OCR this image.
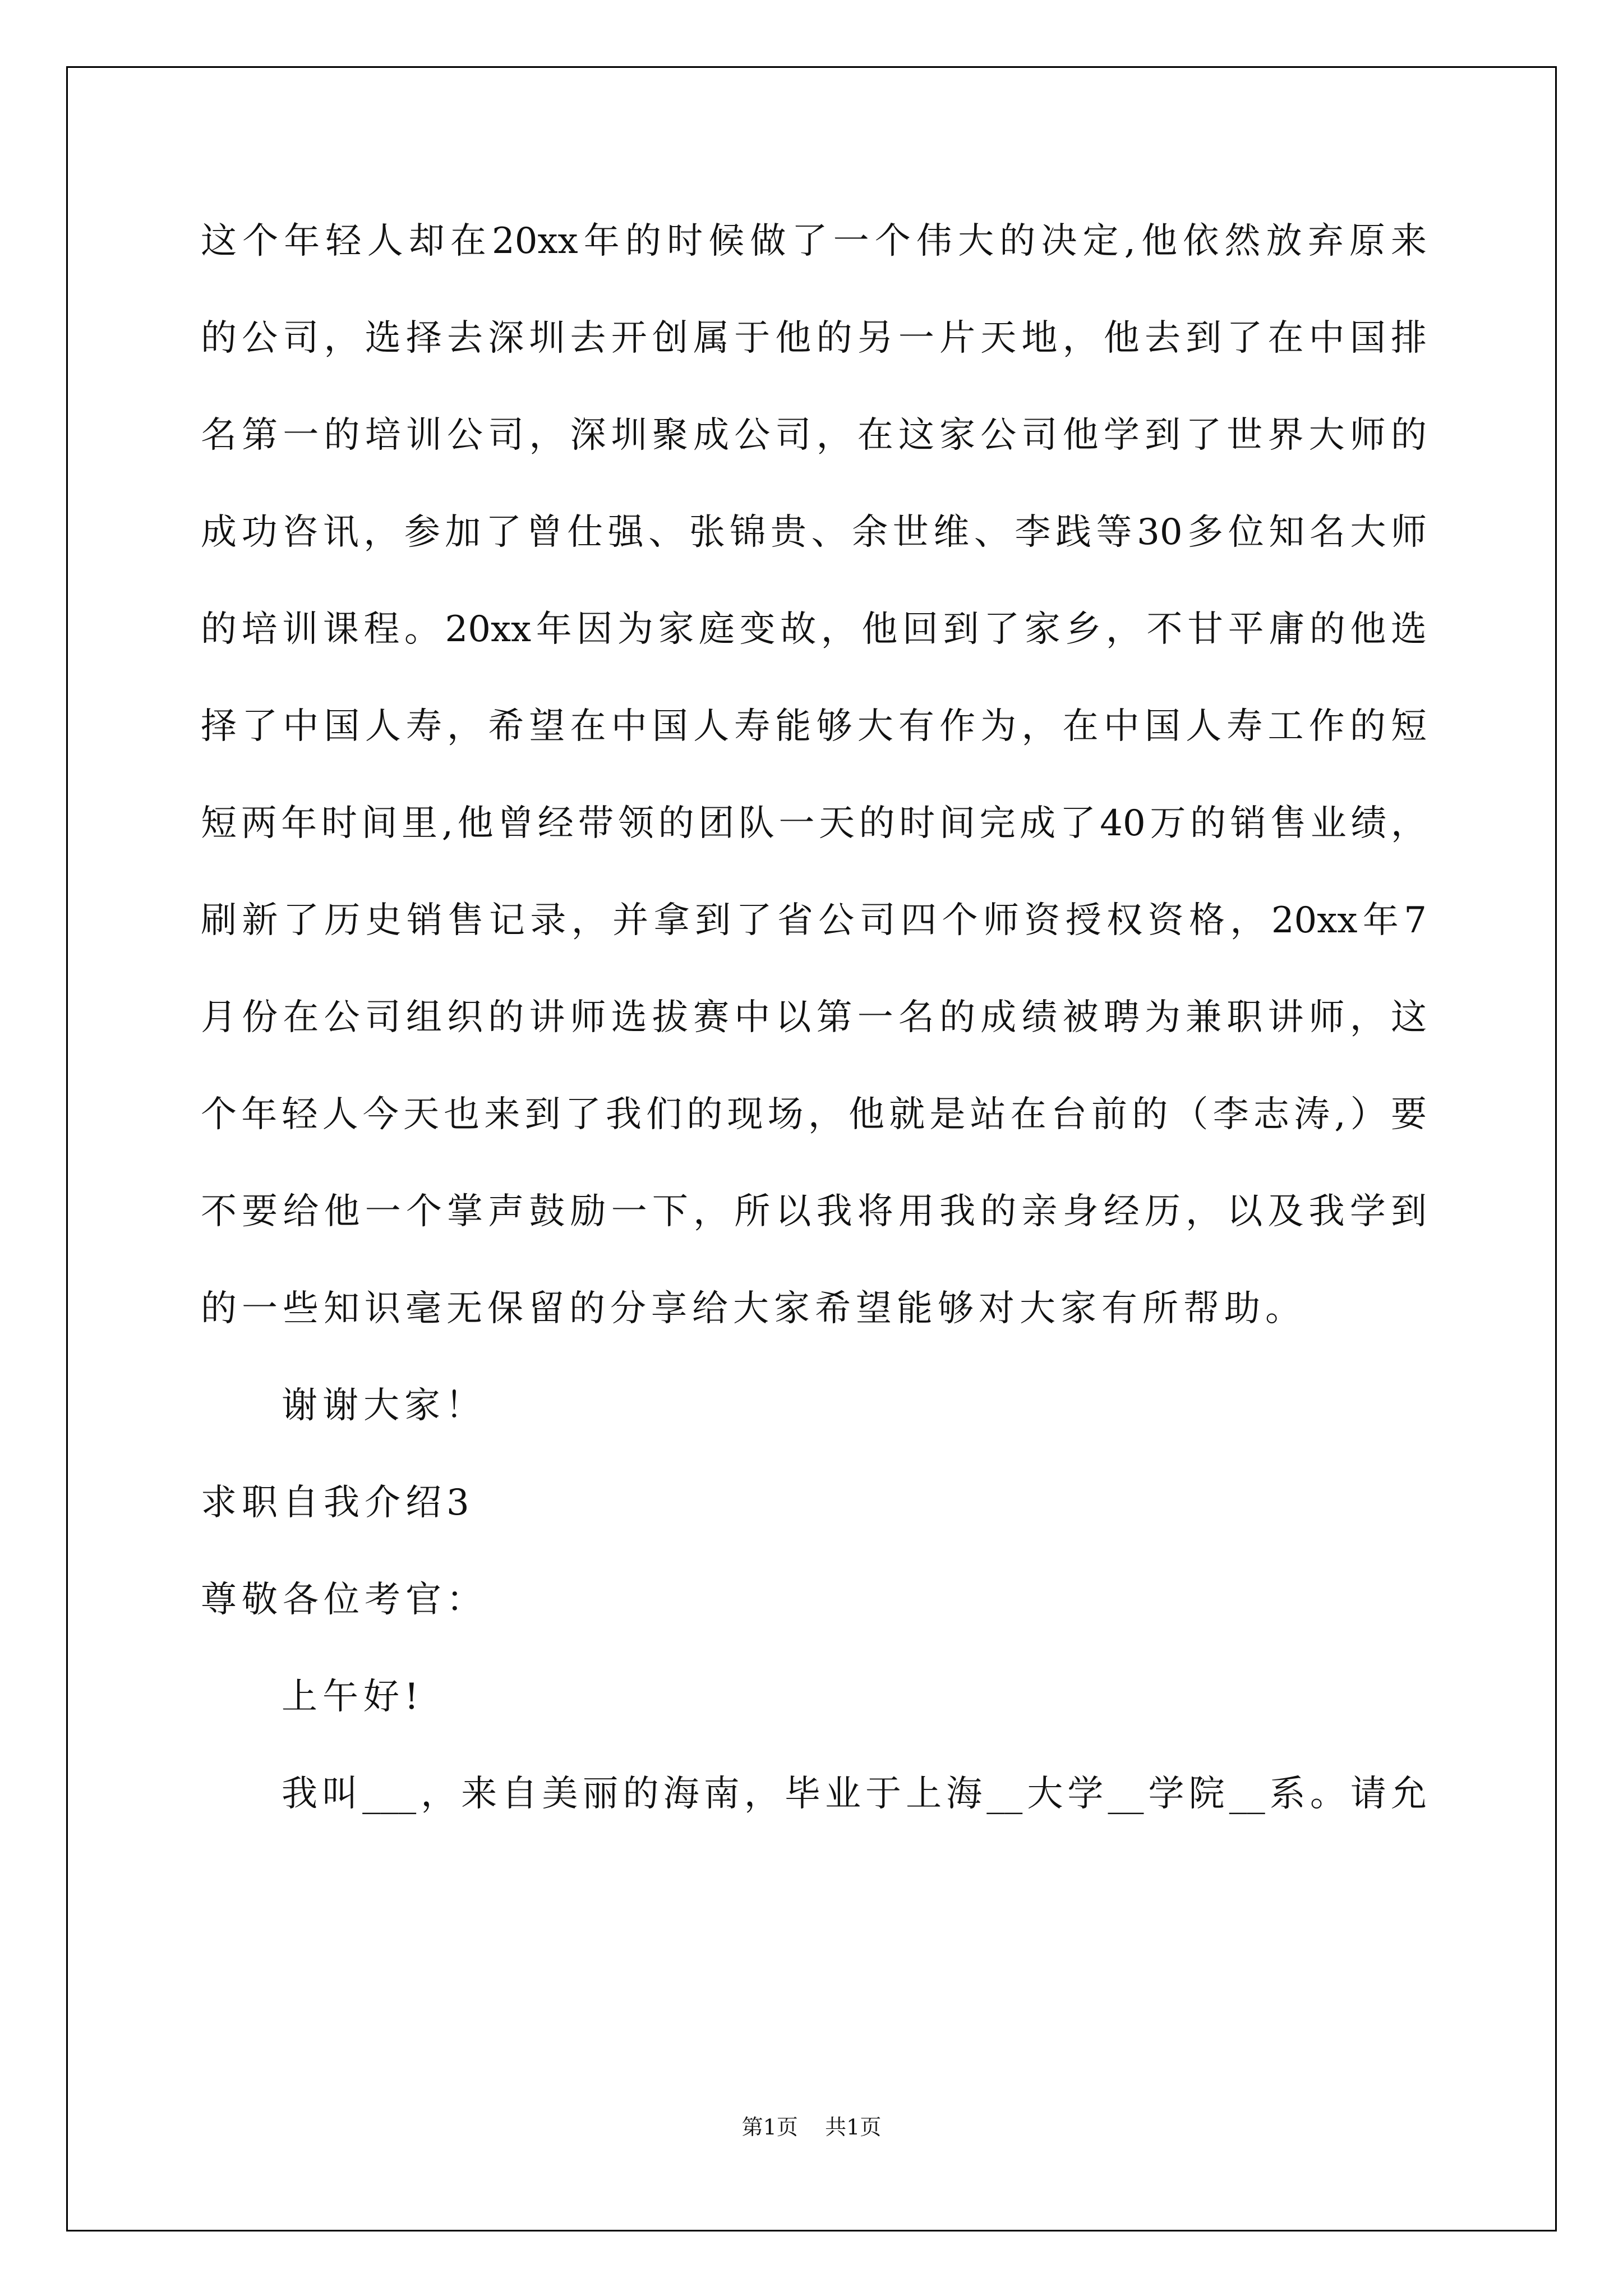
这个年轻人却在20xx年的时候做了一个伟大的决定,他依然放弃原来
的公司，选择去深圳去开创属于他的另一片天地，他去到了在中国排
名第一的培训公司，深圳聚成公司，在这家公司他学到了世界大师的
成功咨讯，参加了曾仕强、张锦贵、余世维、李践等30多位知名大师
的培训课程。20xx年因为家庭变故，他回到了家乡，不甘平庸的他选
择了中国人寿，希望在中国人寿能够大有作为，在中国人寿工作的短
短两年时间里,他曾经带领的团队一天的时间完成了40万的销售业绩，
刷新了历史销售记录，并拿到了省公司四个师资授权资格，20xx年7
月份在公司组织的讲师选拔赛中以第一名的成绩被聘为兼职讲师，这
个年轻人今天也来到了我们的现场，他就是站在台前的（李志涛,）要
不要给他一个掌声鼓励一下，所以我将用我的亲身经历，以及我学到
的一些知识毫无保留的分享给大家希望能够对大家有所帮助。
谢谢大家！
求职自我介绍3
尊敬各位考官：
上午好!
我叫___，来自美丽的海南，毕业于上海__大学__学院__系。请允
第1页    共1页
